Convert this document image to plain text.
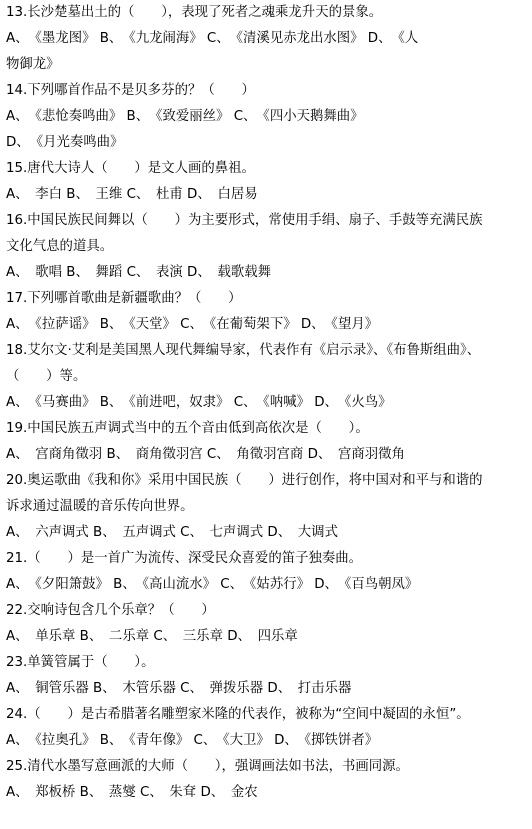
13.长沙楚墓出土的（　　），表现了死者之魂乘龙升天的景象。
A、　《墨龙图》 B、　《九龙闹海》 C、　《清溪见赤龙出水图》 D、　《人
物御龙》
14.下列哪首作品不是贝多芬的？（　　）
A、　《悲怆奏鸣曲》 B、　《致爱丽丝》 C、　《四小天鹅舞曲》
D、　《月光奏鸣曲》
15.唐代大诗人（　　）是文人画的鼻祖。
A、　李白 B、　王维 C、　杜甫 D、　白居易
16.中国民族民间舞以（　　）为主要形式，常使用手绢、扇子、手鼓等充满民族
文化气息的道具。
A、　歌唱 B、　舞蹈 C、　表演 D、　载歌载舞
17.下列哪首歌曲是新疆歌曲？（　　）
A、　《拉萨谣》 B、　《天堂》 C、　《在葡萄架下》 D、　《望月》
18.艾尔文·艾利是美国黑人现代舞编导家，代表作有《启示录》、《布鲁斯组曲》、
（　　）等。
A、　《马赛曲》 B、　《前进吧，奴隶》 C、　《呐喊》 D、　《火鸟》
19.中国民族五声调式当中的五个音由低到高依次是（　　）。
A、　宫商角徵羽 B、　商角徵羽宫 C、　角徵羽宫商 D、　宫商羽徵角
20.奥运歌曲《我和你》采用中国民族（　　）进行创作，将中国对和平与和谐的
诉求通过温暖的音乐传向世界。
A、　六声调式 B、　五声调式 C、　七声调式 D、　大调式
21.（　　）是一首广为流传、深受民众喜爱的笛子独奏曲。
A、　《夕阳箫鼓》 B、　《高山流水》 C、　《姑苏行》 D、　《百鸟朝凤》
22.交响诗包含几个乐章？（　　）
A、　单乐章 B、　二乐章 C、　三乐章 D、　四乐章
23.单簧管属于（　　）。
A、　铜管乐器 B、　木管乐器 C、　弹拨乐器 D、　打击乐器
24.（　　）是古希腊著名雕塑家米隆的代表作，被称为“空间中凝固的永恒”。
A、　《拉奥孔》 B、　《青年像》 C、　《大卫》 D、　《掷铁饼者》
25.清代水墨写意画派的大师（　　），强调画法如书法，书画同源。
A、　郑板桥 B、　蒸燮 C、　朱耷 D、　金农
